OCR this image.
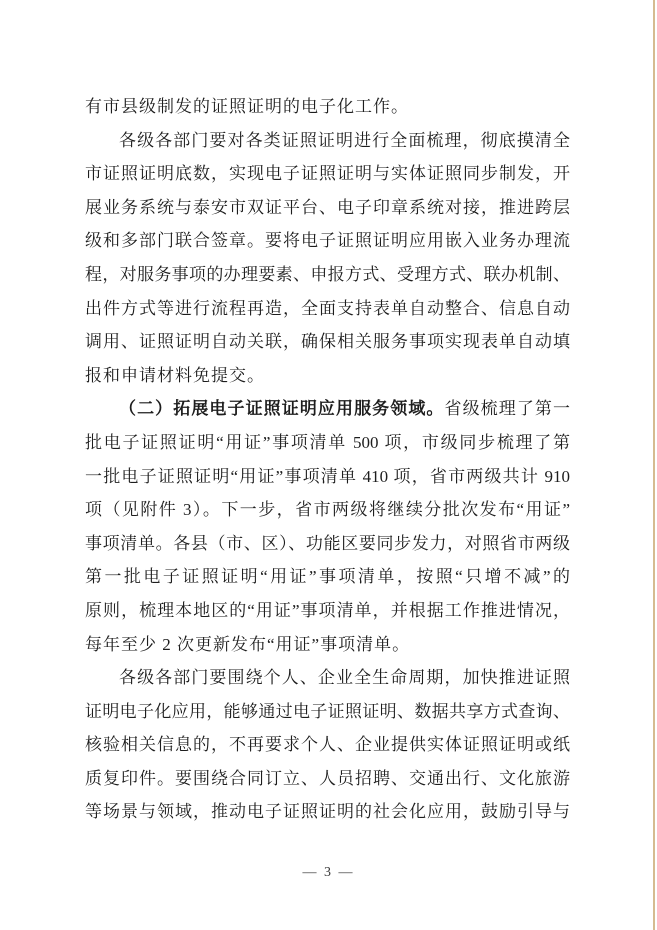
有市县级制发的证照证明的电子化工作。
各级各部门要对各类证照证明进行全面梳理，彻底摸清全
市证照证明底数，实现电子证照证明与实体证照同步制发，开
展业务系统与泰安市双证平台、电子印章系统对接，推进跨层
级和多部门联合签章。要将电子证照证明应用嵌入业务办理流
程，对服务事项的办理要素、申报方式、受理方式、联办机制、
出件方式等进行流程再造，全面支持表单自动整合、信息自动
调用、证照证明自动关联，确保相关服务事项实现表单自动填
报和申请材料免提交。
（二）拓展电子证照证明应用服务领域。省级梳理了第一
批电子证照证明“用证”事项清单 500 项，市级同步梳理了第
一批电子证照证明“用证”事项清单 410 项，省市两级共计 910
项（见附件 3）。下一步，省市两级将继续分批次发布“用证”
事项清单。各县（市、区）、功能区要同步发力，对照省市两级
第一批电子证照证明“用证”事项清单，按照“只增不减”的
原则，梳理本地区的“用证”事项清单，并根据工作推进情况，
每年至少 2 次更新发布“用证”事项清单。
各级各部门要围绕个人、企业全生命周期，加快推进证照
证明电子化应用，能够通过电子证照证明、数据共享方式查询、
核验相关信息的，不再要求个人、企业提供实体证照证明或纸
质复印件。要围绕合同订立、人员招聘、交通出行、文化旅游
等场景与领域，推动电子证照证明的社会化应用，鼓励引导与
— 3 —
